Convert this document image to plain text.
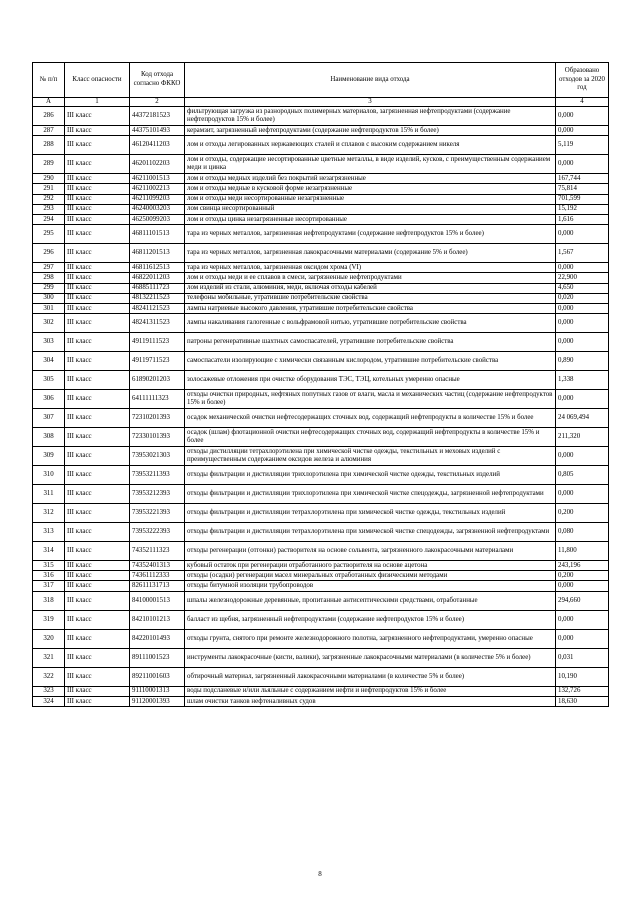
№ п/п	Класс опасности	Код отхода согласно ФККО	Наименование вида отхода	Образовано отходов за 2020 год
А	1	2	3	4
286	III класс	44372181523	фильтрующая загрузка из разнородных полимерных материалов, загрязненная нефтепродуктами (содержание нефтепродуктов 15% и более)	0,000
287	III класс	44375101493	керамзит, загрязненный нефтепродуктами (содержание нефтепродуктов 15% и более)	0,000
288	III класс	46120411203	лом и отходы легированных нержавеющих сталей и сплавов с высоким содержанием никеля	5,119
289	III класс	46201102203	лом и отходы, содержащие несортированные цветные металлы, в виде изделий, кусков, с преимущественным содержанием меди и цинка	0,000
290	III класс	46211001513	лом и отходы медных изделий без покрытий незагрязненные	167,744
291	III класс	46211002213	лом и отходы медные в кусковой форме незагрязненные	75,814
292	III класс	46211099203	лом и отходы меди несортированные незагрязненные	701,599
293	III класс	46240003203	лом свинца несортированный	15,192
294	III класс	46250099203	лом и отходы цинка незагрязненные несортированные	1,616
295	III класс	46811101513	тара из черных металлов, загрязненная нефтепродуктами (содержание нефтепродуктов 15% и более)	0,000
296	III класс	46811201513	тара из черных металлов, загрязненная лакокрасочными материалами (содержание 5% и более)	1,567
297	III класс	46811612513	тара из черных металлов, загрязненная оксидом хрома (VI)	0,000
298	III класс	46822011203	лом и отходы меди и ее сплавов в смеси, загрязненные нефтепродуктами	22,900
299	III класс	46885111723	лом изделий из стали, алюминия, меди, включая отходы кабелей	4,650
300	III класс	48132211523	телефоны мобильные, утратившие потребительские свойства	0,020
301	III класс	48241121523	лампы натриевые высокого давления, утратившие потребительские свойства	0,000
302	III класс	48241311523	лампы накаливания галогенные с вольфрамовой нитью, утратившие потребительские свойства	0,000
303	III класс	49119111523	патроны регенеративные шахтных самоспасателей, утратившие потребительские свойства	0,000
304	III класс	49119711523	самоспасатели изолирующие с химически связанным кислородом, утратившие потребительские свойства	0,890
305	III класс	61890201203	золосажевые отложения при очистке оборудования ТЭС, ТЭЦ, котельных умеренно опасные	1,338
306	III класс	64111111323	отходы очистки природных, нефтяных попутных газов от влаги, масла и механических частиц (содержание нефтепродуктов 15% и более)	0,000
307	III класс	72310201393	осадок механической очистки нефтесодержащих сточных вод, содержащий нефтепродукты в количестве 15% и более	24 069,494
308	III класс	72330101393	осадок (шлам) флотационной очистки нефтесодержащих сточных вод, содержащий нефтепродукты в количестве 15% и более	211,320
309	III класс	73953021303	отходы дистилляции тетрахлорэтилена при химической чистке одежды, текстильных и меховых изделий с преимущественным содержанием оксидов железа и алюминия	0,000
310	III класс	73953211393	отходы фильтрации и дистилляции трихлорэтилена при химической чистке одежды, текстильных изделий	0,805
311	III класс	73953212393	отходы фильтрации и дистилляции трихлорэтилена при химической чистке спецодежды, загрязненной нефтепродуктами	0,000
312	III класс	73953221393	отходы фильтрации и дистилляции тетрахлорэтилена при химической чистке одежды, текстильных изделий	0,200
313	III класс	73953222393	отходы фильтрации и дистилляции тетрахлорэтилена при химической чистке спецодежды, загрязненной нефтепродуктами	0,080
314	III класс	74352111323	отходы регенерации (отгонки) растворителя на основе сольвента, загрязненного лакокрасочными материалами	11,800
315	III класс	74352401313	кубовый остаток при регенерации отработанного растворителя на основе ацетона	243,196
316	III класс	74361112333	отходы (осадки) регенерации масел минеральных отработанных физическими методами	0,200
317	III класс	82611131713	отходы битумной изоляции трубопроводов	0,000
318	III класс	84100001513	шпалы железнодорожные деревянные, пропитанные антисептическими средствами, отработанные	294,660
319	III класс	84210101213	балласт из щебня, загрязненный нефтепродуктами (содержание нефтепродуктов 15% и более)	0,000
320	III класс	84220101493	отходы грунта, снятого при ремонте железнодорожного полотна, загрязненного нефтепродуктами, умеренно опасные	0,000
321	III класс	89111001523	инструменты лакокрасочные (кисти, валики), загрязненные лакокрасочными материалами (в количестве 5% и более)	0,031
322	III класс	89211001603	обтирочный материал, загрязненный лакокрасочными материалами (в количестве 5% и более)	10,190
323	III класс	91110001313	воды подсланевые и/или льяльные с содержанием нефти и нефтепродуктов 15% и более	132,726
324	III класс	91120001393	шлам очистки танков нефтеналивных судов	18,630
8
